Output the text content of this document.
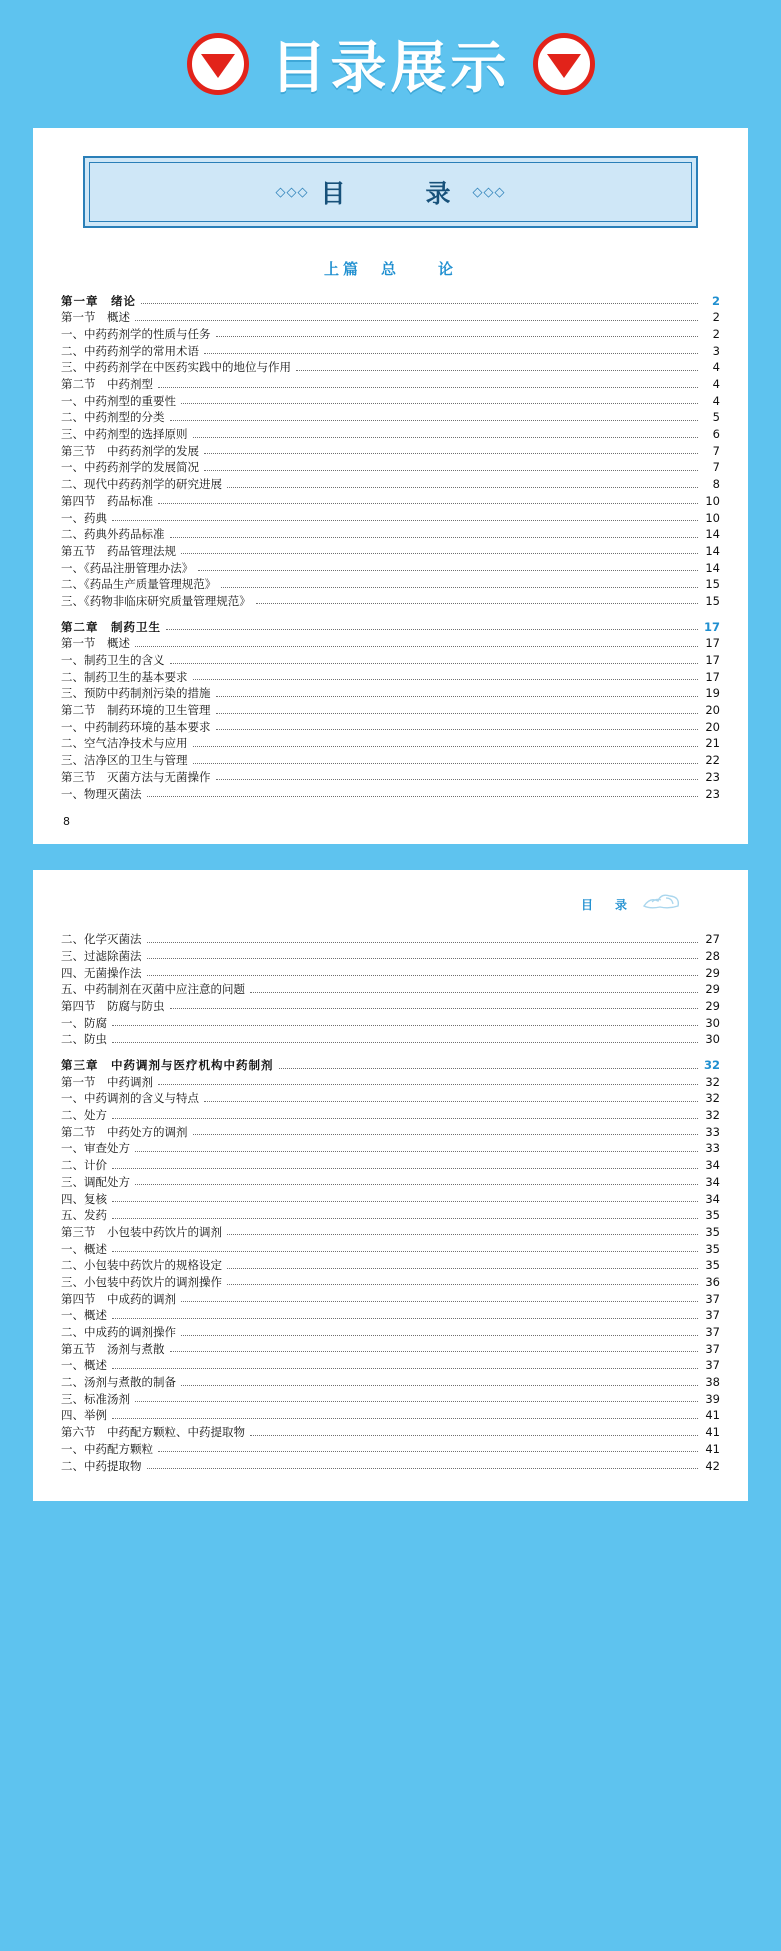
目录展示
◇◇◇ 目　　录 ◇◇◇
上篇　总　　论
第一章　绪论	2
第一节　概述	2
一、中药药剂学的性质与任务	2
二、中药药剂学的常用术语	3
三、中药药剂学在中医药实践中的地位与作用	4
第二节　中药剂型	4
一、中药剂型的重要性	4
二、中药剂型的分类	5
三、中药剂型的选择原则	6
第三节　中药药剂学的发展	7
一、中药药剂学的发展简况	7
二、现代中药药剂学的研究进展	8
第四节　药品标准	10
一、药典	10
二、药典外药品标准	14
第五节　药品管理法规	14
一、《药品注册管理办法》	14
二、《药品生产质量管理规范》	15
三、《药物非临床研究质量管理规范》	15
第二章　制药卫生	17
第一节　概述	17
一、制药卫生的含义	17
二、制药卫生的基本要求	17
三、预防中药制剂污染的措施	19
第二节　制药环境的卫生管理	20
一、中药制药环境的基本要求	20
二、空气洁净技术与应用	21
三、洁净区的卫生与管理	22
第三节　灭菌方法与无菌操作	23
一、物理灭菌法	23
8
目　录
二、化学灭菌法	27
三、过滤除菌法	28
四、无菌操作法	29
五、中药制剂在灭菌中应注意的问题	29
第四节　防腐与防虫	29
一、防腐	30
二、防虫	30
第三章　中药调剂与医疗机构中药制剂	32
第一节　中药调剂	32
一、中药调剂的含义与特点	32
二、处方	32
第二节　中药处方的调剂	33
一、审查处方	33
二、计价	34
三、调配处方	34
四、复核	34
五、发药	35
第三节　小包装中药饮片的调剂	35
一、概述	35
二、小包装中药饮片的规格设定	35
三、小包装中药饮片的调剂操作	36
第四节　中成药的调剂	37
一、概述	37
二、中成药的调剂操作	37
第五节　汤剂与煮散	37
一、概述	37
二、汤剂与煮散的制备	38
三、标准汤剂	39
四、举例	41
第六节　中药配方颗粒、中药提取物	41
一、中药配方颗粒	41
二、中药提取物	42
